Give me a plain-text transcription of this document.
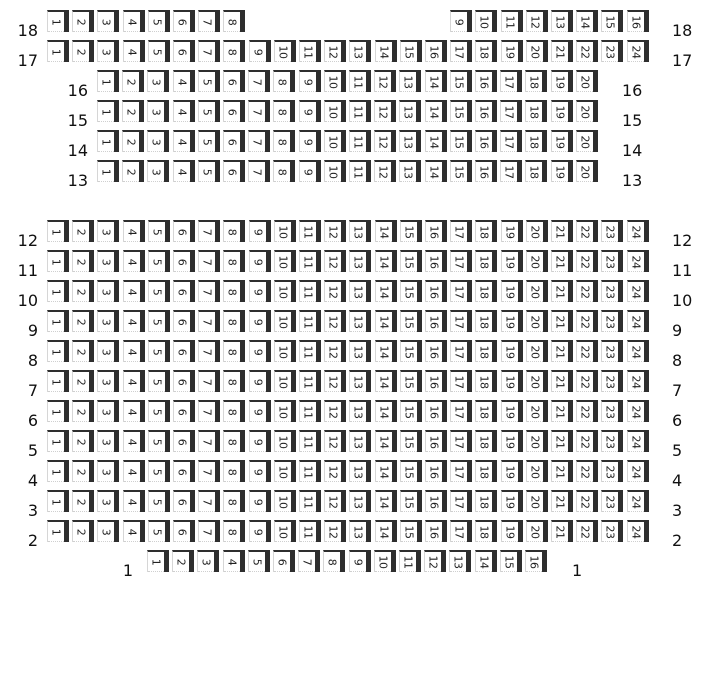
18	1	2	3	4	5	6	7	8	9	10	11	12	13	14	15	16 18
17	1	2	3	4	5	6	7	8	9	10	11	12	13	14	15	16	17	18	19	20	21	22	23	24 17
16	1	2	3	4	5	6	7	8	9	10	11	12	13	14	15	16	17	18	19	20 16
15	1	2	3	4	5	6	7	8	9	10	11	12	13	14	15	16	17	18	19	20 15
14	1	2	3	4	5	6	7	8	9	10	11	12	13	14	15	16	17	18	19	20 14
13	1	2	3	4	5	6	7	8	9	10	11	12	13	14	15	16	17	18	19	20 13
12	1	2	3	4	5	6	7	8	9	10	11	12	13	14	15	16	17	18	19	20	21	22	23	24 12
11	1	2	3	4	5	6	7	8	9	10	11	12	13	14	15	16	17	18	19	20	21	22	23	24 11
10	1	2	3	4	5	6	7	8	9	10	11	12	13	14	15	16	17	18	19	20	21	22	23	24 10
9	1	2	3	4	5	6	7	8	9	10	11	12	13	14	15	16	17	18	19	20	21	22	23	24 9
8	1	2	3	4	5	6	7	8	9	10	11	12	13	14	15	16	17	18	19	20	21	22	23	24 8
7	1	2	3	4	5	6	7	8	9	10	11	12	13	14	15	16	17	18	19	20	21	22	23	24 7
6	1	2	3	4	5	6	7	8	9	10	11	12	13	14	15	16	17	18	19	20	21	22	23	24 6
5	1	2	3	4	5	6	7	8	9	10	11	12	13	14	15	16	17	18	19	20	21	22	23	24 5
4	1	2	3	4	5	6	7	8	9	10	11	12	13	14	15	16	17	18	19	20	21	22	23	24 4
3	1	2	3	4	5	6	7	8	9	10	11	12	13	14	15	16	17	18	19	20	21	22	23	24 3
2	1	2	3	4	5	6	7	8	9	10	11	12	13	14	15	16	17	18	19	20	21	22	23	24 2
1	1	2	3	4	5	6	7	8	9	10	11	12	13	14	15	16 1
